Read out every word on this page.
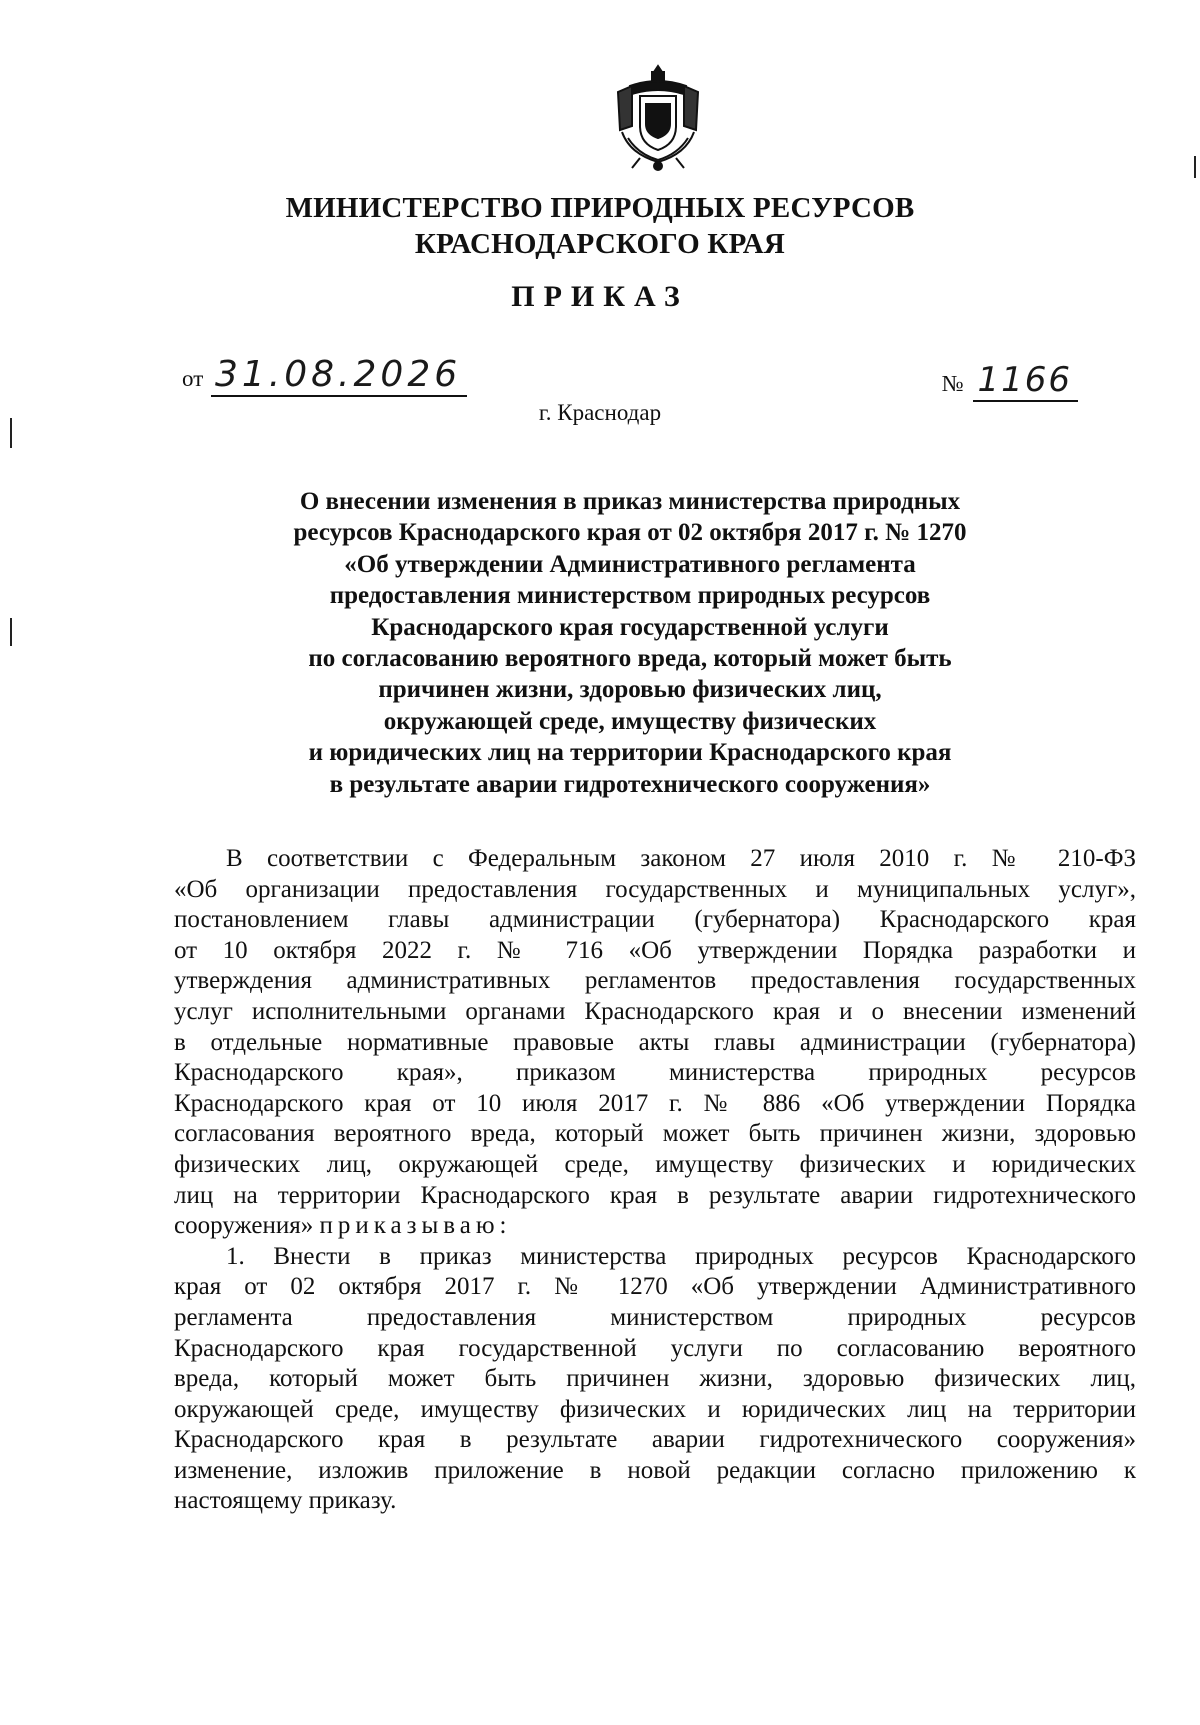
МИНИСТЕРСТВО ПРИРОДНЫХ РЕСУРСОВ
КРАСНОДАРСКОГО КРАЯ
ПРИКАЗ
от 31.08.2026	№ 1166
г. Краснодар
О внесении изменения в приказ министерства природных
ресурсов Краснодарского края от 02 октября 2017 г. № 1270
«Об утверждении Административного регламента
предоставления министерством природных ресурсов
Краснодарского края государственной услуги
по согласованию вероятного вреда, который может быть
причинен жизни, здоровью физических лиц,
окружающей среде, имуществу физических
и юридических лиц на территории Краснодарского края
в результате аварии гидротехнического сооружения»
В соответствии с Федеральным законом 27 июля 2010 г. № 210-ФЗ
«Об организации предоставления государственных и муниципальных услуг»,
постановлением главы администрации (губернатора) Краснодарского края
от 10 октября 2022 г. № 716 «Об утверждении Порядка разработки и
утверждения административных регламентов предоставления государственных
услуг исполнительными органами Краснодарского края и о внесении изменений
в отдельные нормативные правовые акты главы администрации (губернатора)
Краснодарского края», приказом министерства природных ресурсов
Краснодарского края от 10 июля 2017 г. № 886 «Об утверждении Порядка
согласования вероятного вреда, который может быть причинен жизни, здоровью
физических лиц, окружающей среде, имуществу физических и юридических
лиц на территории Краснодарского края в результате аварии гидротехнического
сооружения» приказываю:
1. Внести в приказ министерства природных ресурсов Краснодарского
края от 02 октября 2017 г. № 1270 «Об утверждении Административного
регламента предоставления министерством природных ресурсов
Краснодарского края государственной услуги по согласованию вероятного
вреда, который может быть причинен жизни, здоровью физических лиц,
окружающей среде, имуществу физических и юридических лиц на территории
Краснодарского края в результате аварии гидротехнического сооружения»
изменение, изложив приложение в новой редакции согласно приложению к
настоящему приказу.
